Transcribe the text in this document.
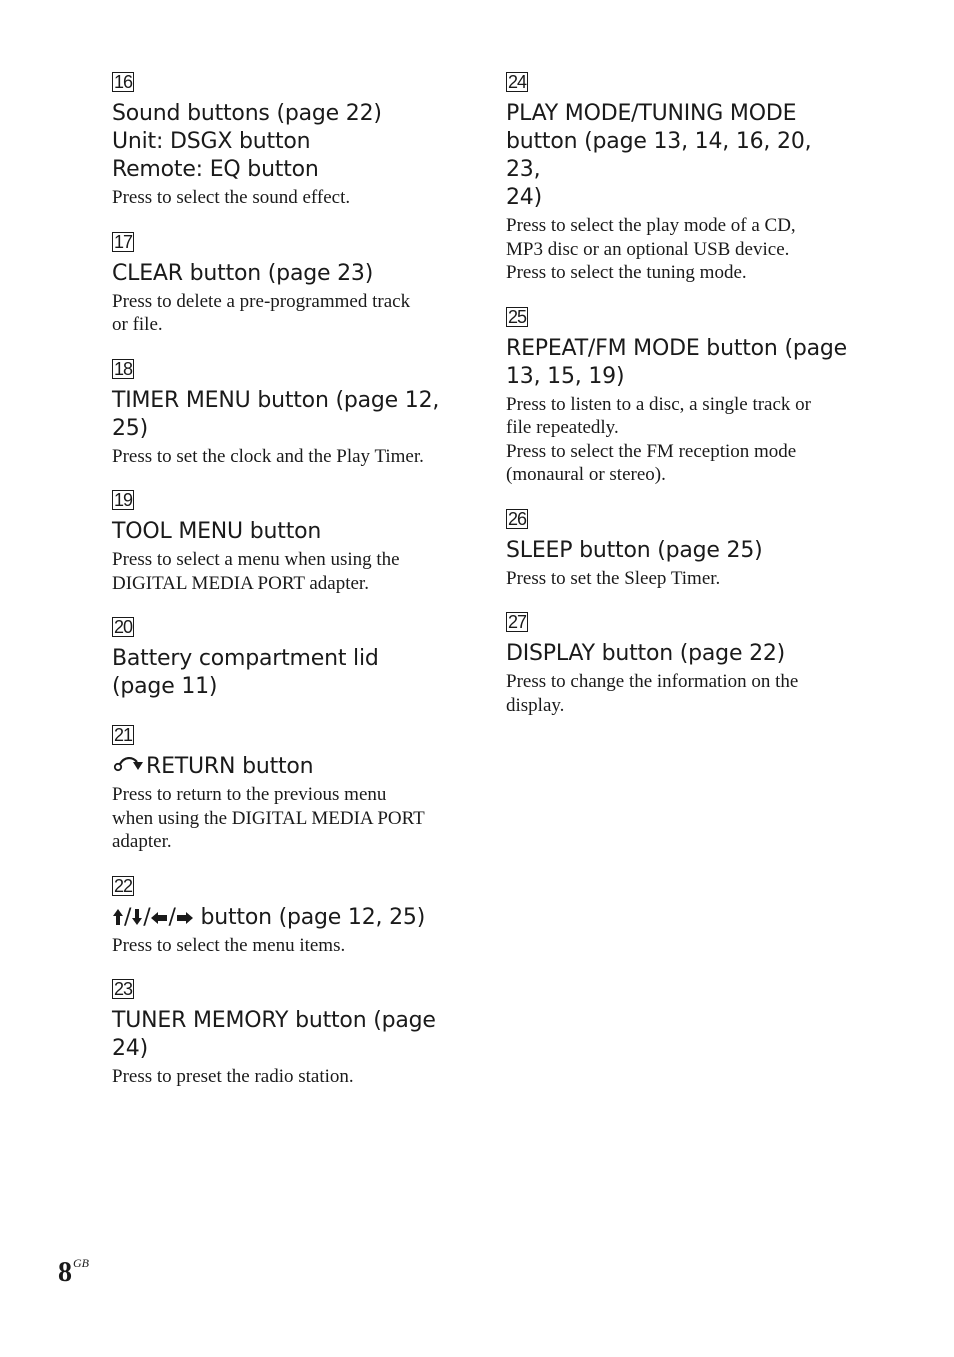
16
Sound buttons (page 22)
Unit: DSGX button
Remote: EQ button
Press to select the sound effect.
17
CLEAR button (page 23)
Press to delete a pre-programmed track
or file.
18
TIMER MENU button (page 12,
25)
Press to set the clock and the Play Timer.
19
TOOL MENU button
Press to select a menu when using the
DIGITAL MEDIA PORT adapter.
20
Battery compartment lid
(page 11)
21
RETURN button
Press to return to the previous menu
when using the DIGITAL MEDIA PORT
adapter.
22
/ / / button (page 12, 25)
Press to select the menu items.
23
TUNER MEMORY button (page
24)
Press to preset the radio station.
24
PLAY MODE/TUNING MODE
button (page 13, 14, 16, 20, 23,
24)
Press to select the play mode of a CD,
MP3 disc or an optional USB device.
Press to select the tuning mode.
25
REPEAT/FM MODE button (page
13, 15, 19)
Press to listen to a disc, a single track or
file repeatedly.
Press to select the FM reception mode
(monaural or stereo).
26
SLEEP button (page 25)
Press to set the Sleep Timer.
27
DISPLAY button (page 22)
Press to change the information on the
display.
$8^{GB}$
